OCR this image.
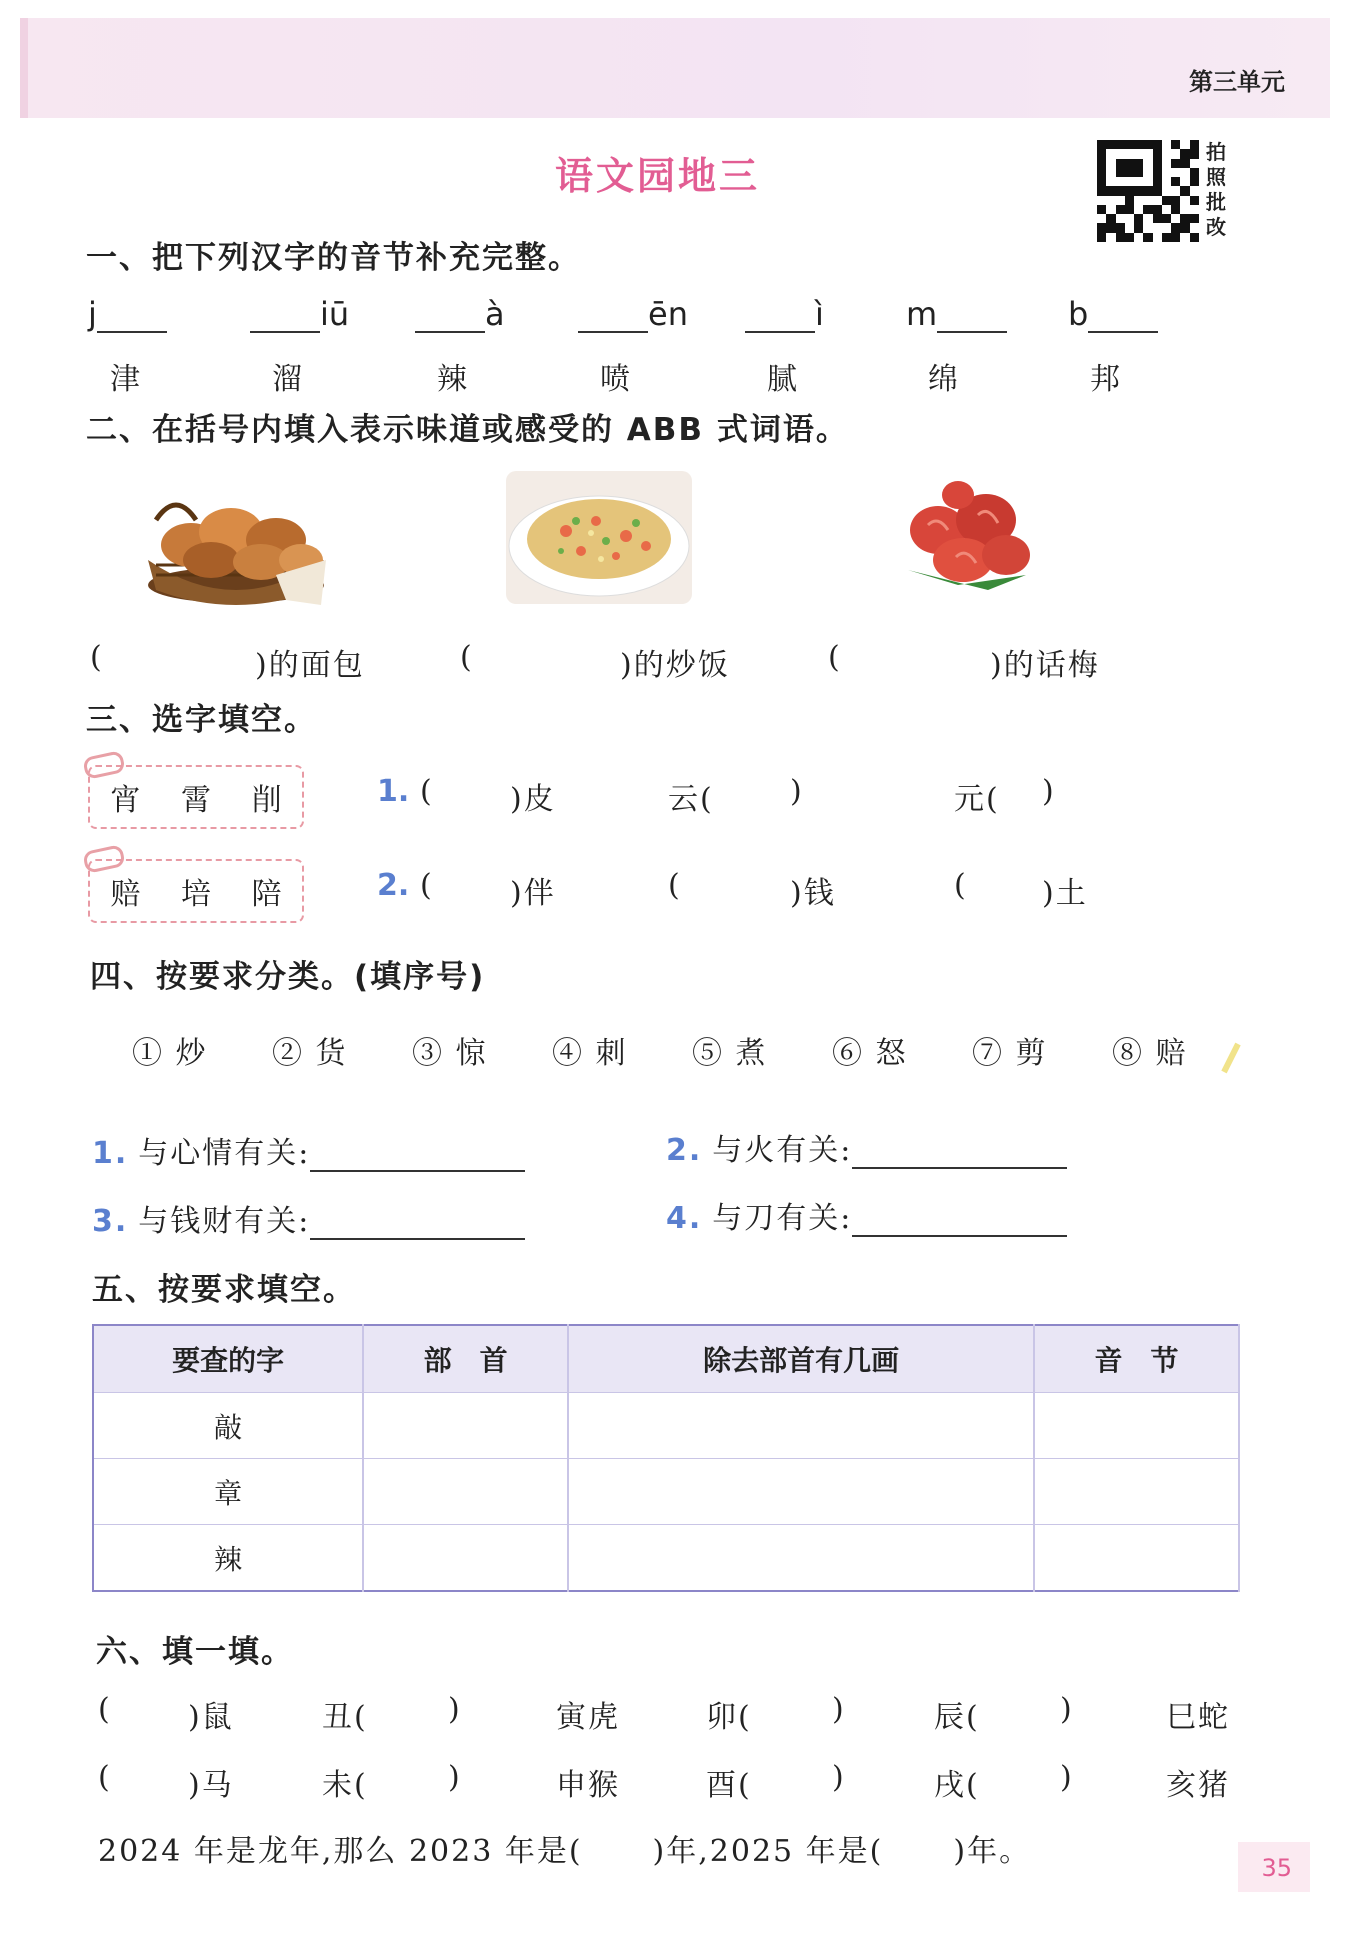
第三单元
语文园地三
拍照批改
一、把下列汉字的音节补充完整。
j
津
iū
溜
à
辣
ēn
喷
ì
腻
m
绵
b
邦
二、在括号内填入表示味道或感受的 ABB 式词语。
(	)的面包	(	)的炒饭	(	)的话梅
三、选字填空。
宵 霄 削	1. (	)皮	云(	)	元( )
赔 培 陪	2. (	)伴	(	)钱	( )土
四、按要求分类。(填序号)
① 炒 ② 货 ③ 惊 ④ 刺 ⑤ 煮 ⑥ 怒 ⑦ 剪 ⑧ 赔
1. 与心情有关:	2. 与火有关:
3. 与钱财有关:	4. 与刀有关:
五、按要求填空。
要查的字	部　首	除去部首有几画	音　节
敲			
章			
辣			
六、填一填。
(	)鼠	丑(	)	寅虎	卯(	)	辰(	)	巳蛇
(	)马	未(	)	申猴	酉(	)	戌(	)	亥猪
2024 年是龙年,那么 2023 年是( )年,2025 年是( )年。	35
